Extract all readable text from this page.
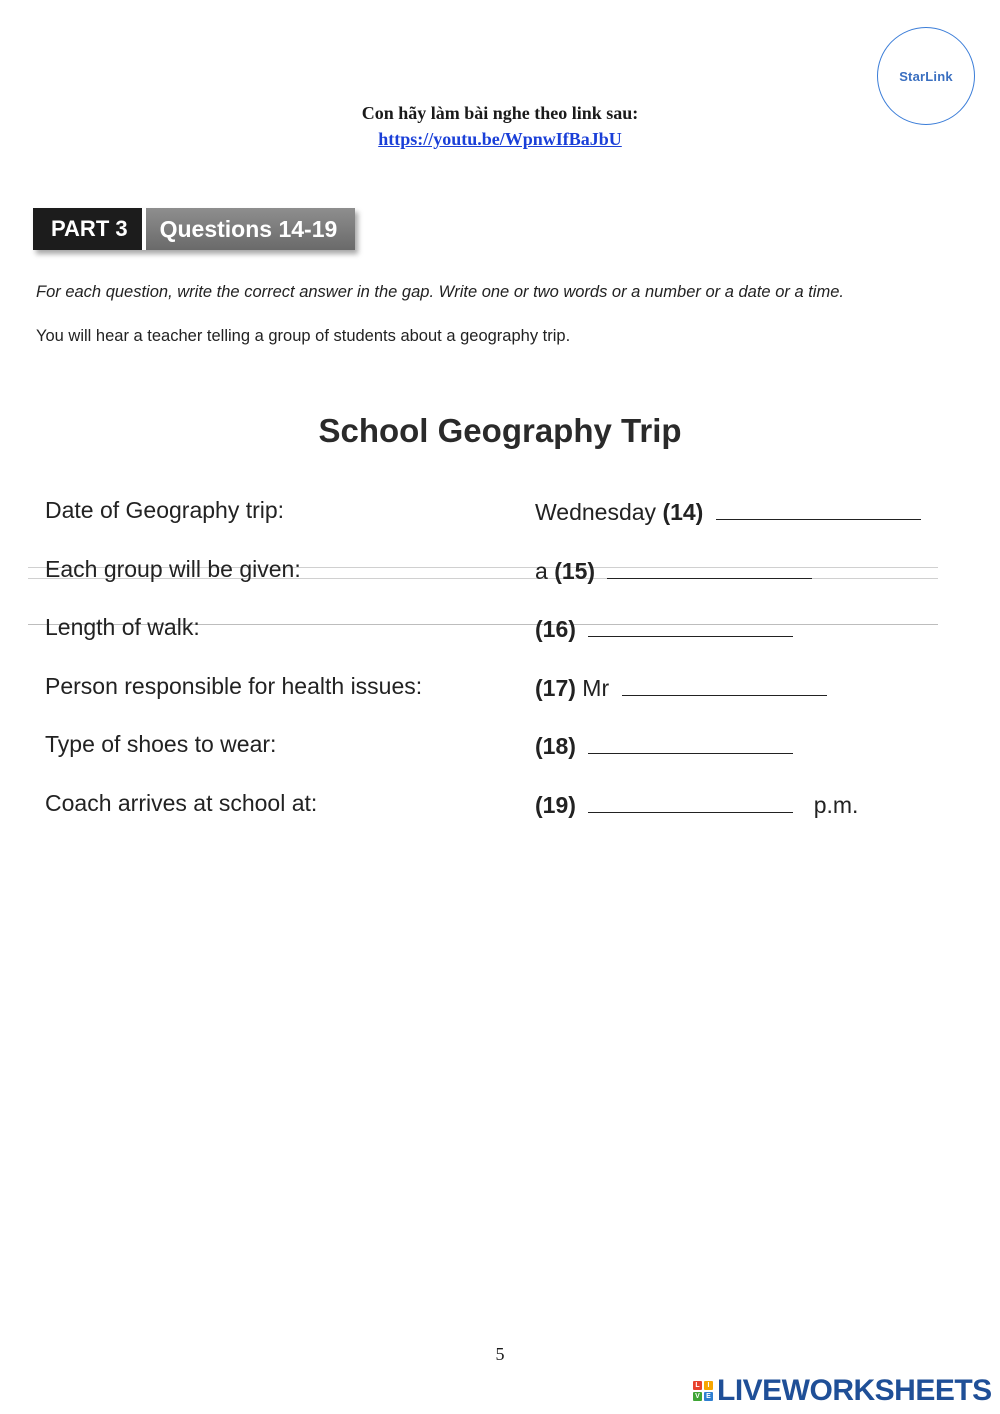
StarLink
Con hãy làm bài nghe theo link sau:
https://youtu.be/WpnwIfBaJbU
PART 3	Questions 14-19
For each question, write the correct answer in the gap. Write one or two words or a number or a date or a time.
You will hear a teacher telling a group of students about a geography trip.
School Geography Trip
Date of Geography trip:	Wednesday (14)
Each group will be given:	a (15)
Length of walk:	(16)
Person responsible for health issues:	(17) Mr
Type of shoes to wear:	(18)
Coach arrives at school at:	(19)	p.m.
5
L	I
V E LIVEWORKSHEETS
